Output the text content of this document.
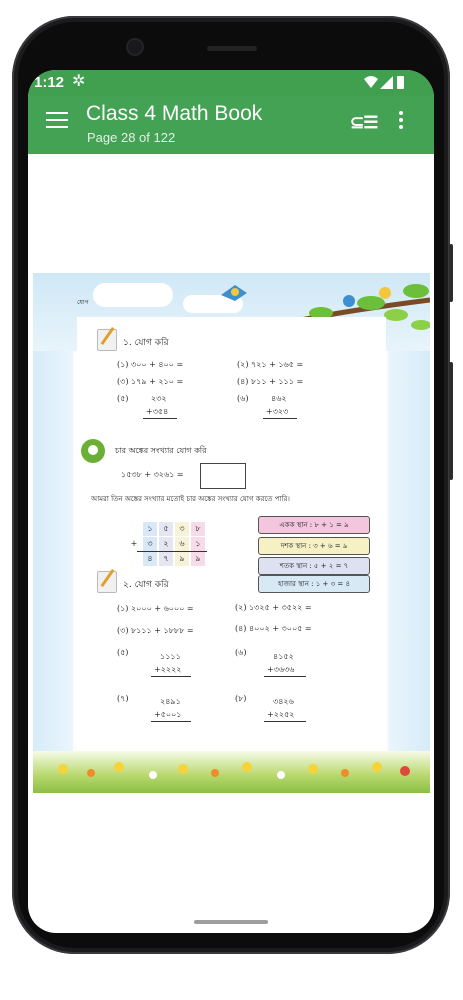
1:12 ✲
Class 4 Math Book
Page 28 of 122
⊆☰
যোগ
১. যোগ করি
(১) ৩০০ + ৪০০ =	(২) ৭২১ + ১৬৫ =
(৩) ১৭৯ + ২১০ =	(৪) ৮১১ + ১১১ =
(৫)	২৩২
+৩৫৪
(৬)	৪৬২
+৩২৩
চার অঙ্কের সংখ্যার যোগ করি
১৫৩৮ + ৩২৬১ =
আমরা তিন অঙ্কের সংখ্যার মতোই চার অঙ্কের সংখ্যার যোগ করতে পারি।
১	৫	৩	৮
+	৩	২	৬	১
৪	৭	৯	৯
একক স্থান : ৮ + ১ = ৯
দশক স্থান : ৩ + ৬ = ৯
শতক স্থান : ৫ + ২ = ৭
হাজার স্থান : ১ + ৩ = ৪
২. যোগ করি
(১) ২০০০ + ৬০০০ =	(২) ১৩২৫ + ৩৫২২ =
(৩) ৮১১১ + ১৮৮৮ =	(৪) ৪০০২ + ৩০০৫ =
(৫)	১১১১
+২২২২
(৬)	৪১৫২
+৩৬৩৬
(৭)	২৪৯১
+৫০০১
(৮)	৩৪২৬
+২২৫২
